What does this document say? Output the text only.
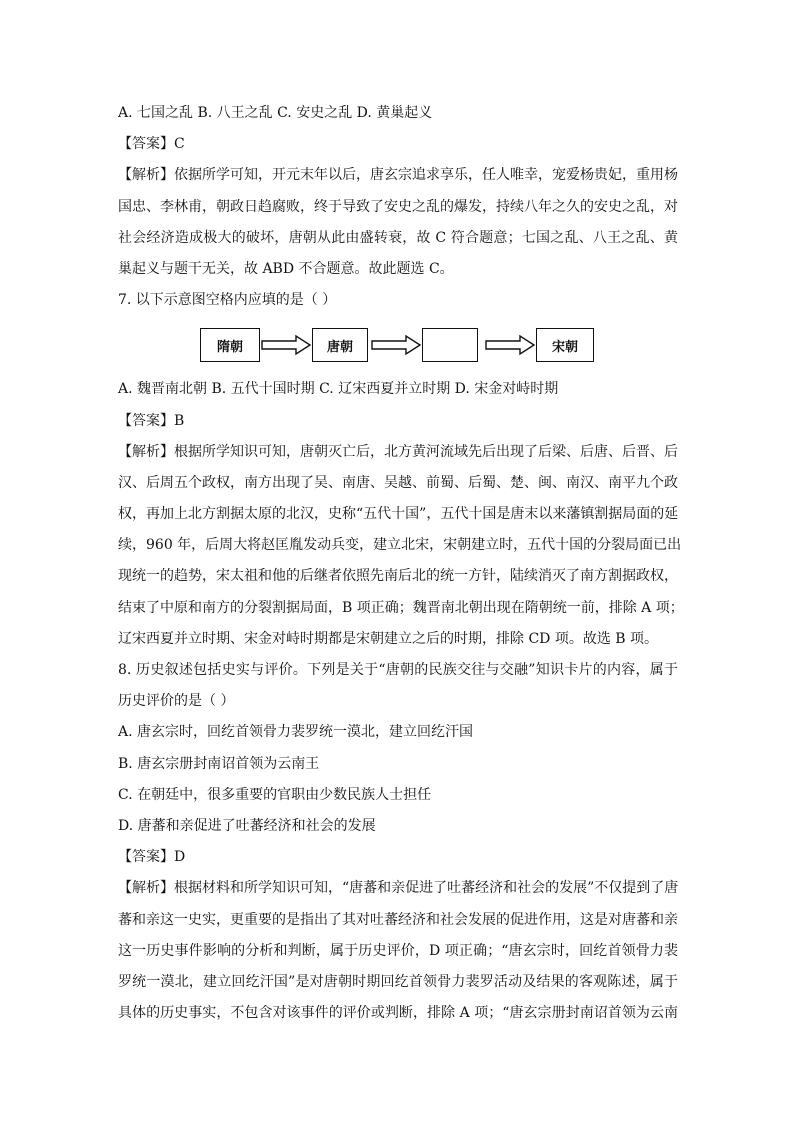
A. 七国之乱 B. 八王之乱 C. 安史之乱 D. 黄巢起义
【答案】C
【解析】依据所学可知，开元末年以后，唐玄宗追求享乐，任人唯幸，宠爱杨贵妃，重用杨
国忠、李林甫，朝政日趋腐败，终于导致了安史之乱的爆发，持续八年之久的安史之乱，对
社会经济造成极大的破坏，唐朝从此由盛转衰，故 C 符合题意；七国之乱、八王之乱、黄
巢起义与题干无关，故 ABD 不合题意。故此题选 C。
7. 以下示意图空格内应填的是（ ）
隋朝	唐朝	宋朝
A. 魏晋南北朝 B. 五代十国时期 C. 辽宋西夏并立时期 D. 宋金对峙时期
【答案】B
【解析】根据所学知识可知，唐朝灭亡后，北方黄河流域先后出现了后梁、后唐、后晋、后
汉、后周五个政权，南方出现了吴、南唐、吴越、前蜀、后蜀、楚、闽、南汉、南平九个政
权，再加上北方割据太原的北汉，史称“五代十国”，五代十国是唐末以来藩镇割据局面的延
续，960 年，后周大将赵匡胤发动兵变，建立北宋，宋朝建立时，五代十国的分裂局面已出
现统一的趋势，宋太祖和他的后继者依照先南后北的统一方针，陆续消灭了南方割据政权，
结束了中原和南方的分裂割据局面，B 项正确；魏晋南北朝出现在隋朝统一前，排除 A 项；
辽宋西夏并立时期、宋金对峙时期都是宋朝建立之后的时期，排除 CD 项。故选 B 项。
8. 历史叙述包括史实与评价。下列是关于“唐朝的民族交往与交融”知识卡片的内容，属于
历史评价的是（ ）
A. 唐玄宗时，回纥首领骨力裴罗统一漠北，建立回纥汗国
B. 唐玄宗册封南诏首领为云南王
C. 在朝廷中，很多重要的官职由少数民族人士担任
D. 唐蕃和亲促进了吐蕃经济和社会的发展
【答案】D
【解析】根据材料和所学知识可知，“唐蕃和亲促进了吐蕃经济和社会的发展”不仅提到了唐
蕃和亲这一史实，更重要的是指出了其对吐蕃经济和社会发展的促进作用，这是对唐蕃和亲
这一历史事件影响的分析和判断，属于历史评价，D 项正确；“唐玄宗时，回纥首领骨力裴
罗统一漠北，建立回纥汗国”是对唐朝时期回纥首领骨力裴罗活动及结果的客观陈述，属于
具体的历史事实，不包含对该事件的评价或判断，排除 A 项；“唐玄宗册封南诏首领为云南
